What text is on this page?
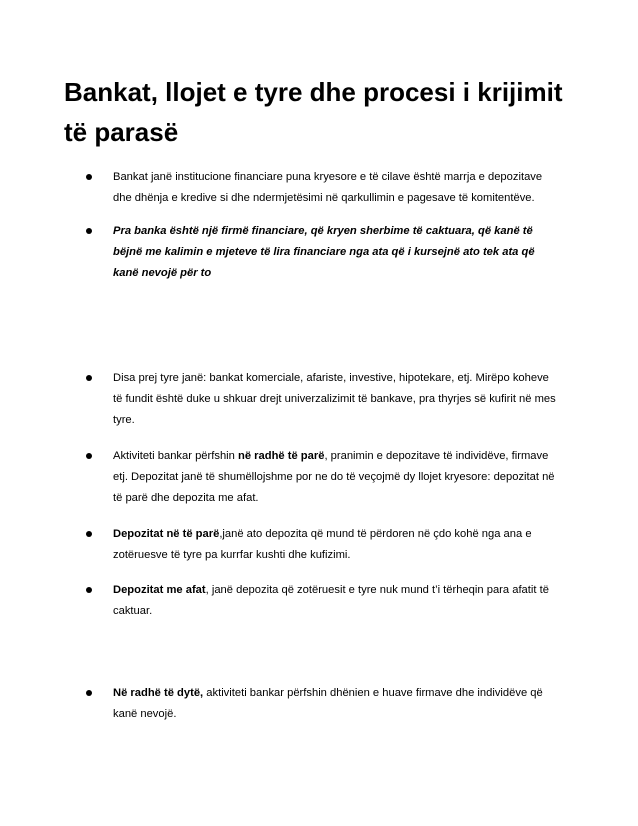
Bankat, llojet e tyre dhe procesi i krijimit të parasë
Bankat janë institucione financiare puna kryesore e të cilave është marrja e depozitave dhe dhënja e kredive si dhe ndermjetësimi në qarkullimin e pagesave të komitentëve.
Pra banka është një firmë financiare, që kryen sherbime të caktuara, që kanë të bëjnë me kalimin e mjeteve të lira financiare nga ata që i kursejnë ato tek ata që kanë nevojë për to
Disa prej tyre janë: bankat komerciale, afariste, investive, hipotekare, etj. Mirëpo koheve të fundit është duke u shkuar drejt univerzalizimit të bankave, pra thyrjes së kufirit në mes tyre.
Aktiviteti bankar përfshin në radhë të parë, pranimin e depozitave të individëve, firmave etj. Depozitat janë të shumëllojshme por ne do të veçojmë dy llojet kryesore: depozitat në të parë dhe depozita me afat.
Depozitat në të parë,janë ato depozita që mund të përdoren në çdo kohë nga ana e zotëruesve të tyre pa kurrfar kushti dhe kufizimi.
Depozitat me afat, janë depozita që zotëruesit e tyre nuk mund t’i tërheqin para afatit të caktuar.
Në radhë të dytë, aktiviteti bankar përfshin dhënien e huave firmave dhe individëve që kanë nevojë.
